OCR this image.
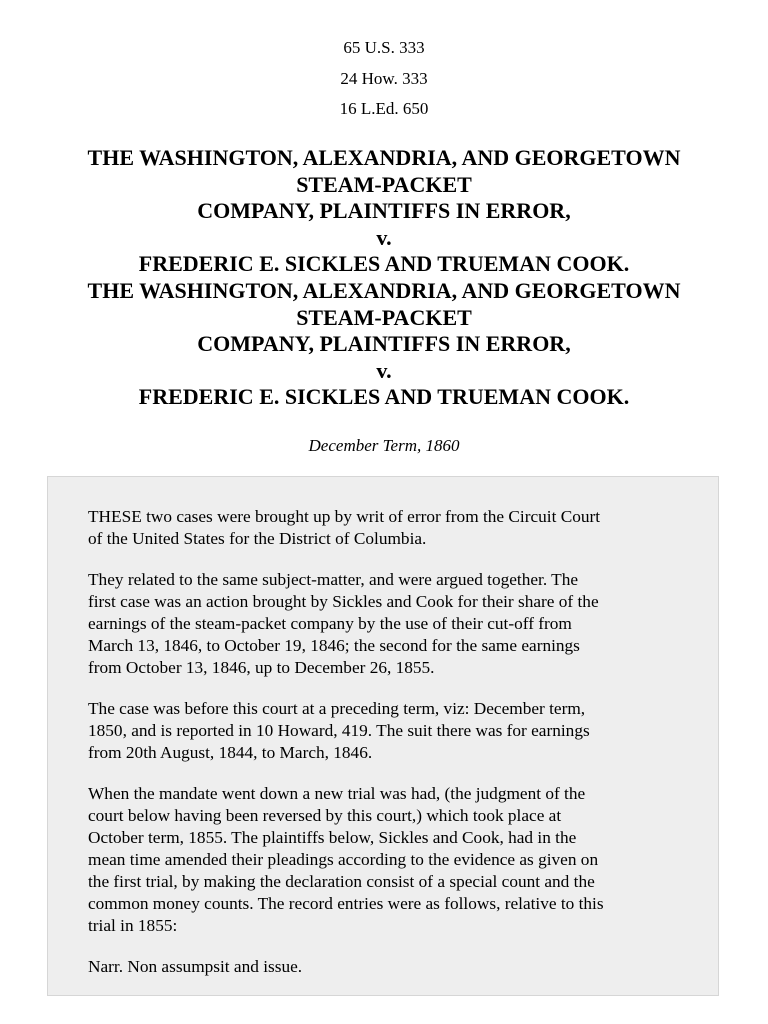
65 U.S. 333
24 How. 333
16 L.Ed. 650
THE WASHINGTON, ALEXANDRIA, AND GEORGETOWN
STEAM-PACKET
COMPANY, PLAINTIFFS IN ERROR,
v.
FREDERIC E. SICKLES AND TRUEMAN COOK.
THE WASHINGTON, ALEXANDRIA, AND GEORGETOWN
STEAM-PACKET
COMPANY, PLAINTIFFS IN ERROR,
v.
FREDERIC E. SICKLES AND TRUEMAN COOK.
December Term, 1860

THESE two cases were brought up by writ of error from the Circuit Court
of the United States for the District of Columbia.

They related to the same subject-matter, and were argued together. The
first case was an action brought by Sickles and Cook for their share of the
earnings of the steam-packet company by the use of their cut-off from
March 13, 1846, to October 19, 1846; the second for the same earnings
from October 13, 1846, up to December 26, 1855.

The case was before this court at a preceding term, viz: December term,
1850, and is reported in 10 Howard, 419. The suit there was for earnings
from 20th August, 1844, to March, 1846.

When the mandate went down a new trial was had, (the judgment of the
court below having been reversed by this court,) which took place at
October term, 1855. The plaintiffs below, Sickles and Cook, had in the
mean time amended their pleadings according to the evidence as given on
the first trial, by making the declaration consist of a special count and the
common money counts. The record entries were as follows, relative to this
trial in 1855:

Narr. Non assumpsit and issue.
